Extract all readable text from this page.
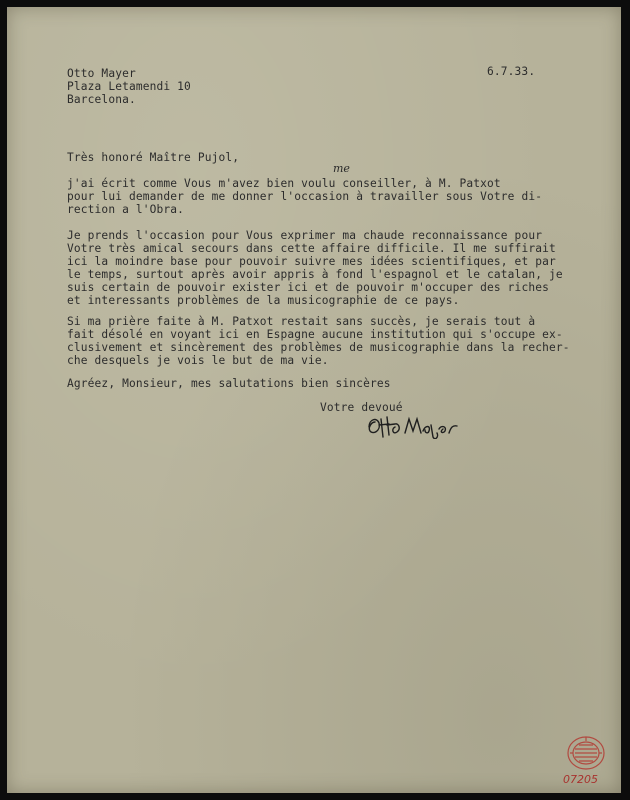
6.7.33.
Otto Mayer
Plaza Letamendi 10
Barcelona.
Très honoré Maître Pujol,
j'ai écrit comme Vous m'avez bien voulu conseiller, à M. Patxot
pour lui demander de me donner l'occasion à travailler sous Votre di-
rection a l'Obra.
me
Je prends l'occasion pour Vous exprimer ma chaude reconnaissance pour
Votre très amical secours dans cette affaire difficile. Il me suffirait
ici la moindre base pour pouvoir suivre mes idées scientifiques, et par
le temps, surtout après avoir appris à fond l'espagnol et le catalan, je
suis certain de pouvoir exister ici et de pouvoir m'occuper des riches
et interessants problèmes de la musicographie de ce pays.
Si ma prière faite à M. Patxot restait sans succès, je serais tout à
fait désolé en voyant ici en Espagne aucune institution qui s'occupe ex-
clusivement et sincèrement des problèmes de musicographie dans la recher-
che desquels je vois le but de ma vie.
Agréez, Monsieur, mes salutations bien sincères
Votre devoué
07205
